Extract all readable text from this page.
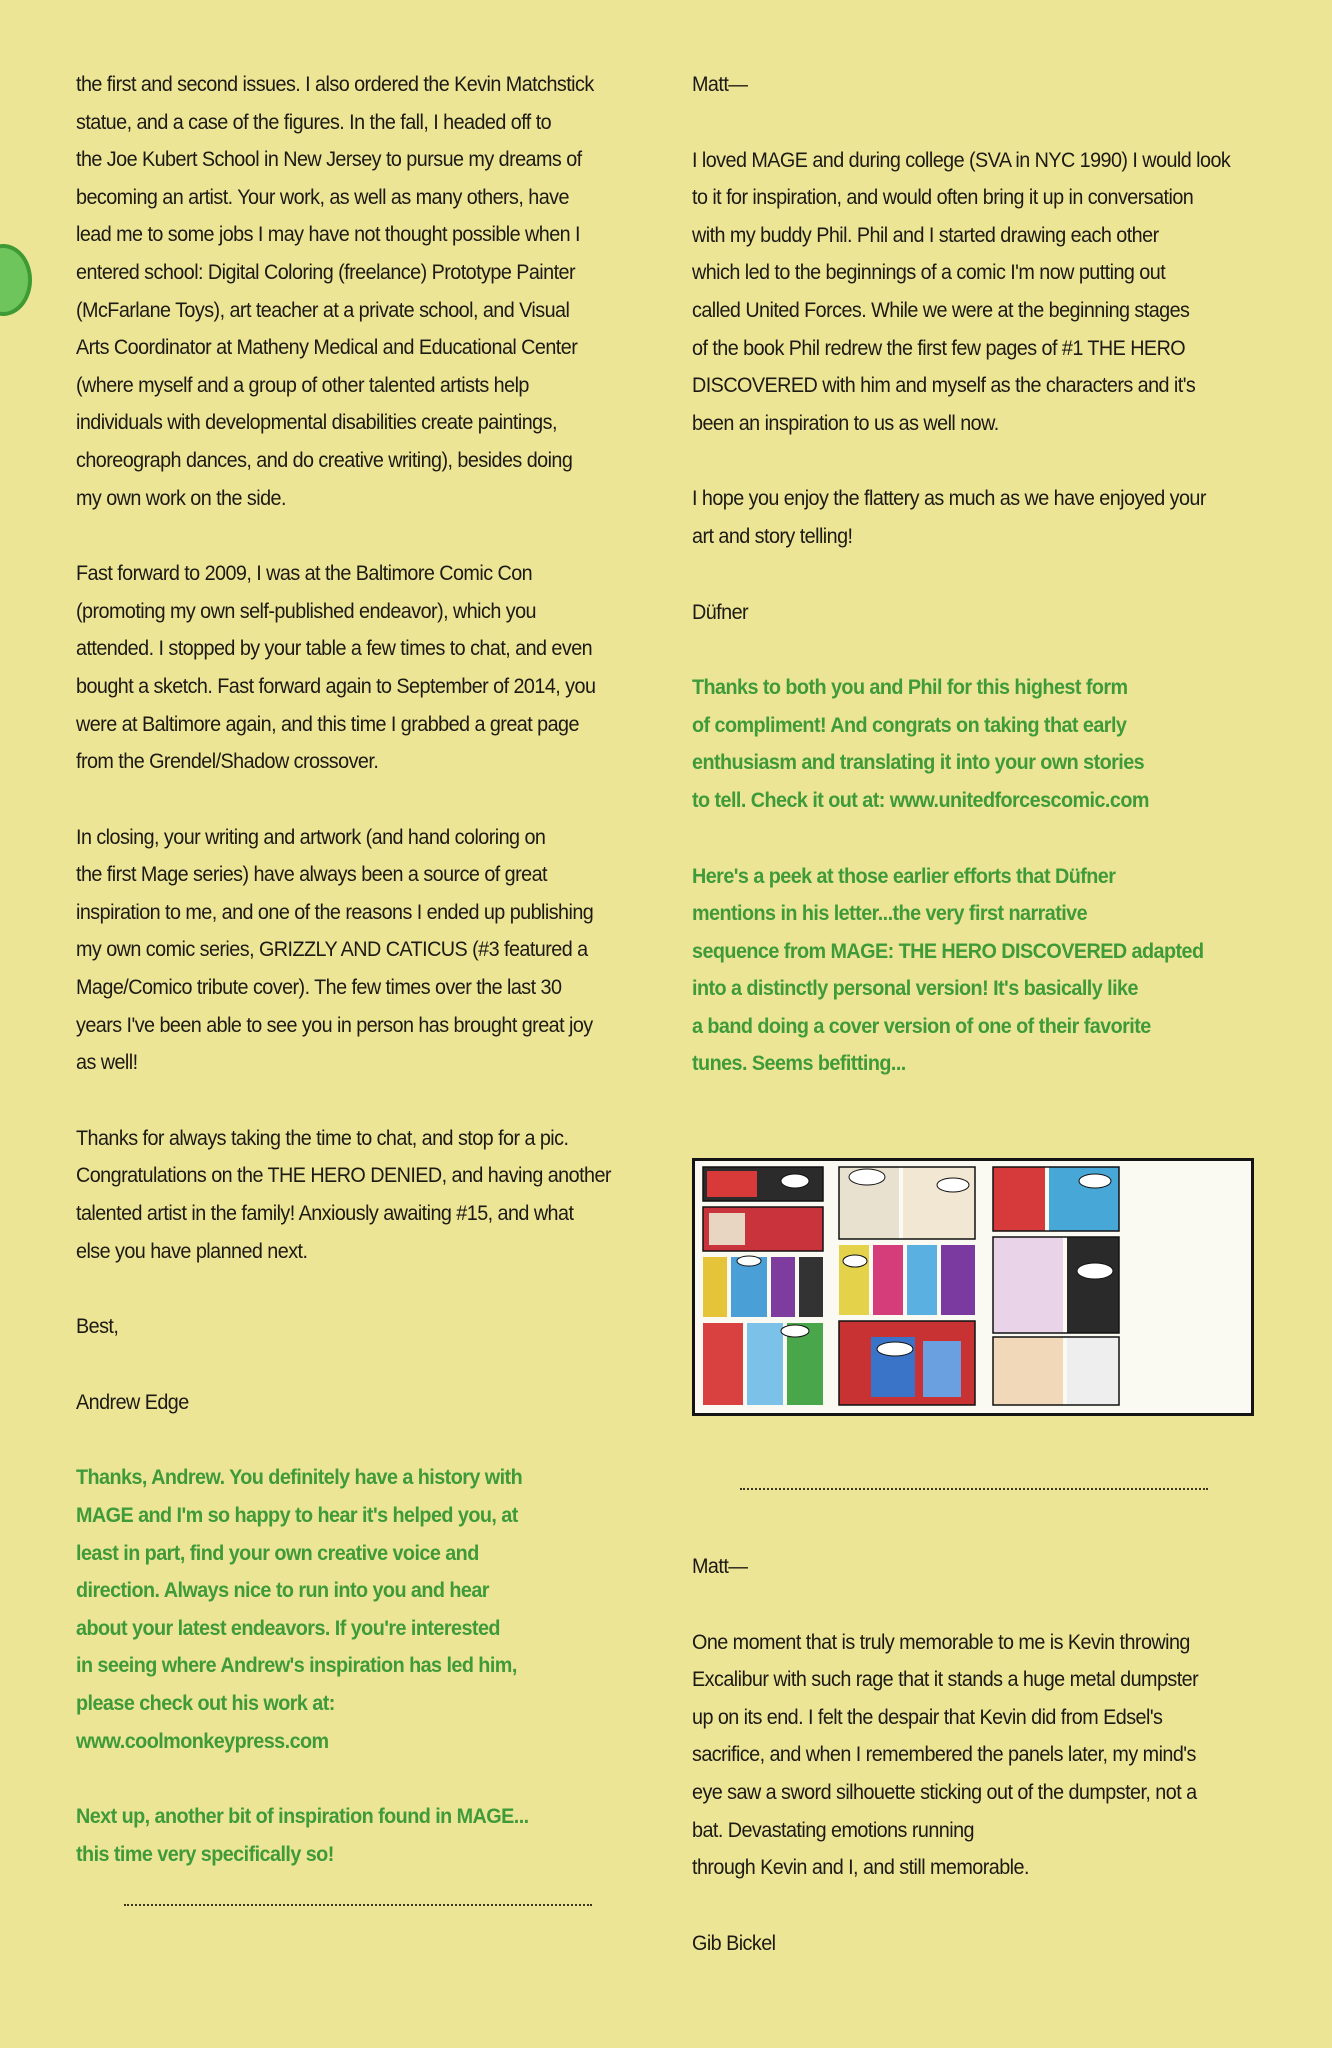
the first and second issues. I also ordered the Kevin Matchstick
statue, and a case of the figures. In the fall, I headed off to
the Joe Kubert School in New Jersey to pursue my dreams of
becoming an artist. Your work, as well as many others, have
lead me to some jobs I may have not thought possible when I
entered school: Digital Coloring (freelance) Prototype Painter
(McFarlane Toys), art teacher at a private school, and Visual
Arts Coordinator at Matheny Medical and Educational Center
(where myself and a group of other talented artists help
individuals with developmental disabilities create paintings,
choreograph dances, and do creative writing), besides doing
my own work on the side.

Fast forward to 2009, I was at the Baltimore Comic Con
(promoting my own self-published endeavor), which you
attended. I stopped by your table a few times to chat, and even
bought a sketch. Fast forward again to September of 2014, you
were at Baltimore again, and this time I grabbed a great page
from the Grendel/Shadow crossover.

In closing, your writing and artwork (and hand coloring on
the first Mage series) have always been a source of great
inspiration to me, and one of the reasons I ended up publishing
my own comic series, GRIZZLY AND CATICUS (#3 featured a
Mage/Comico tribute cover). The few times over the last 30
years I've been able to see you in person has brought great joy
as well!

Thanks for always taking the time to chat, and stop for a pic.
Congratulations on the THE HERO DENIED, and having another
talented artist in the family! Anxiously awaiting #15, and what
else you have planned next.

Best,

Andrew Edge

Thanks, Andrew. You definitely have a history with
MAGE and I'm so happy to hear it's helped you, at
least in part, find your own creative voice and
direction. Always nice to run into you and hear
about your latest endeavors. If you're interested
in seeing where Andrew's inspiration has led him,
please check out his work at:
www.coolmonkeypress.com

Next up, another bit of inspiration found in MAGE...
this time very specifically so!

Matt—

I loved MAGE and during college (SVA in NYC 1990) I would look
to it for inspiration, and would often bring it up in conversation
with my buddy Phil. Phil and I started drawing each other
which led to the beginnings of a comic I'm now putting out
called United Forces. While we were at the beginning stages
of the book Phil redrew the first few pages of #1 THE HERO
DISCOVERED with him and myself as the characters and it's
been an inspiration to us as well now.

I hope you enjoy the flattery as much as we have enjoyed your
art and story telling!

Düfner

Thanks to both you and Phil for this highest form
of compliment! And congrats on taking that early
enthusiasm and translating it into your own stories
to tell. Check it out at: www.unitedforcescomic.com

Here's a peek at those earlier efforts that Düfner
mentions in his letter...the very first narrative
sequence from MAGE: THE HERO DISCOVERED adapted
into a distinctly personal version! It's basically like
a band doing a cover version of one of their favorite
tunes. Seems befitting...

Matt—

One moment that is truly memorable to me is Kevin throwing
Excalibur with such rage that it stands a huge metal dumpster
up on its end. I felt the despair that Kevin did from Edsel's
sacrifice, and when I remembered the panels later, my mind's
eye saw a sword silhouette sticking out of the dumpster, not a
bat. Devastating emotions running
through Kevin and I, and still memorable.

Gib Bickel
